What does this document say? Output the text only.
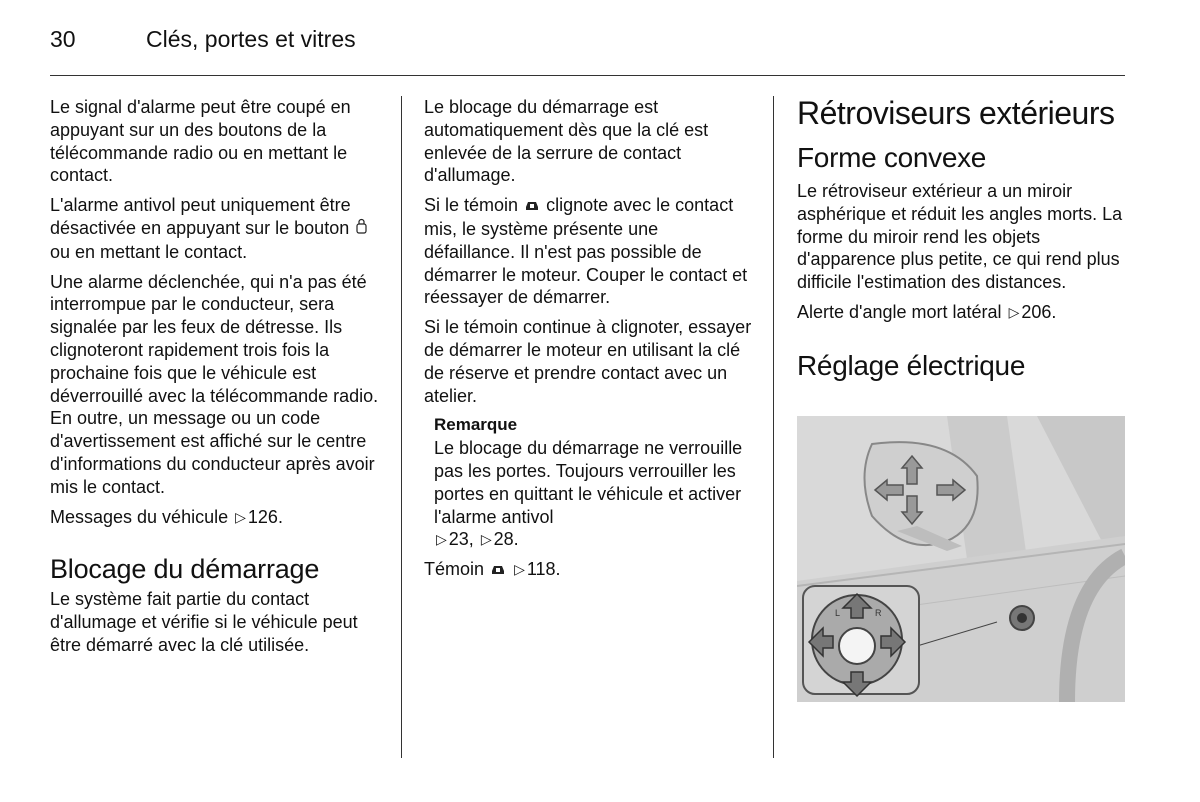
30	Clés, portes et vitres

Le signal d'alarme peut être coupé en appuyant sur un des boutons de la télécommande radio ou en mettant le contact.

L'alarme antivol peut uniquement être désactivée en appuyant sur le bouton  ou en mettant le contact.

Une alarme déclenchée, qui n'a pas été interrompue par le conducteur, sera signalée par les feux de détresse. Ils clignoteront rapidement trois fois la prochaine fois que le véhicule est déverrouillé avec la télécommande radio. En outre, un message ou un code d'avertissement est affiché sur le centre d'informations du conducteur après avoir mis le contact.

Messages du véhicule ▷ 126.

Blocage du démarrage

Le système fait partie du contact d'allumage et vérifie si le véhicule peut être démarré avec la clé utilisée.

Le blocage du démarrage est automatiquement dès que la clé est enlevée de la serrure de contact d'allumage.

Si le témoin clignote avec le contact mis, le système présente une défaillance. Il n'est pas possible de démarrer le moteur. Couper le contact et réessayer de démarrer.

Si le témoin continue à clignoter, essayer de démarrer le moteur en utilisant la clé de réserve et prendre contact avec un atelier.

Remarque
Le blocage du démarrage ne verrouille pas les portes. Toujours verrouiller les portes en quittant le véhicule et activer l'alarme antivol
▷ 23, ▷ 28.

Témoin ▷ 118.

Rétroviseurs extérieurs
Forme convexe

Le rétroviseur extérieur a un miroir asphérique et réduit les angles morts. La forme du miroir rend les objets d'apparence plus petite, ce qui rend plus difficile l'estimation des distances.

Alerte d'angle mort latéral ▷ 206.

Réglage électrique
L	R
